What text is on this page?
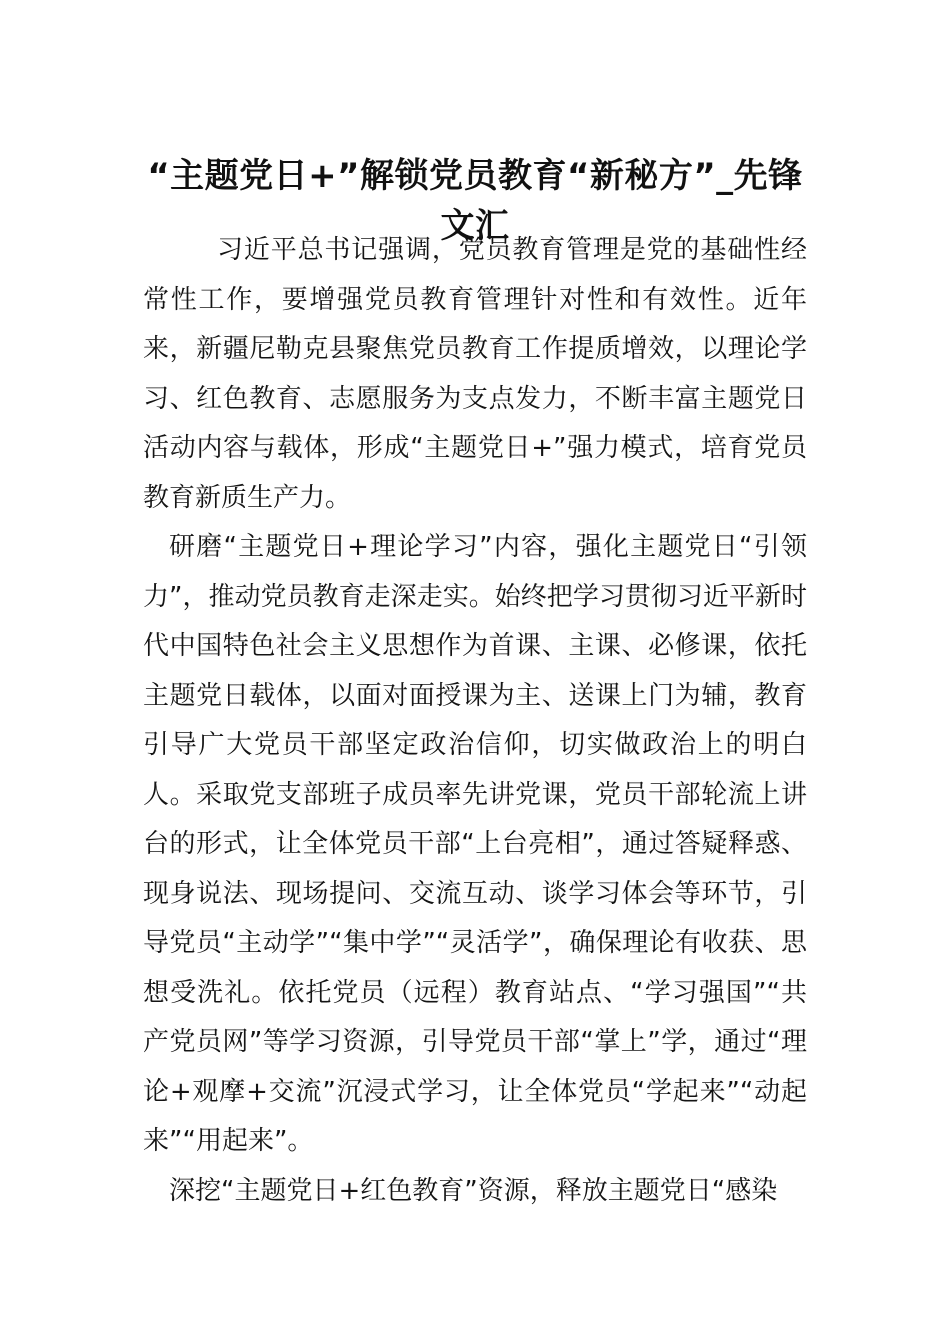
“主题党日+”解锁党员教育“新秘方”_先锋文汇

习近平总书记强调，党员教育管理是党的基础性经常性工作，要增强党员教育管理针对性和有效性。近年来，新疆尼勒克县聚焦党员教育工作提质增效，以理论学习、红色教育、志愿服务为支点发力，不断丰富主题党日活动内容与载体，形成“主题党日+”强力模式，培育党员教育新质生产力。

研磨“主题党日+理论学习”内容，强化主题党日“引领力”，推动党员教育走深走实。始终把学习贯彻习近平新时代中国特色社会主义思想作为首课、主课、必修课，依托主题党日载体，以面对面授课为主、送课上门为辅，教育引导广大党员干部坚定政治信仰，切实做政治上的明白人。采取党支部班子成员率先讲党课，党员干部轮流上讲台的形式，让全体党员干部“上台亮相”，通过答疑释惑、现身说法、现场提问、交流互动、谈学习体会等环节，引导党员“主动学”“集中学”“灵活学”，确保理论有收获、思想受洗礼。依托党员（远程）教育站点、“学习强国”“共产党员网”等学习资源，引导党员干部“掌上”学，通过“理论+观摩+交流”沉浸式学习，让全体党员“学起来”“动起来”“用起来”。

深挖“主题党日+红色教育”资源，释放主题党日“感染
